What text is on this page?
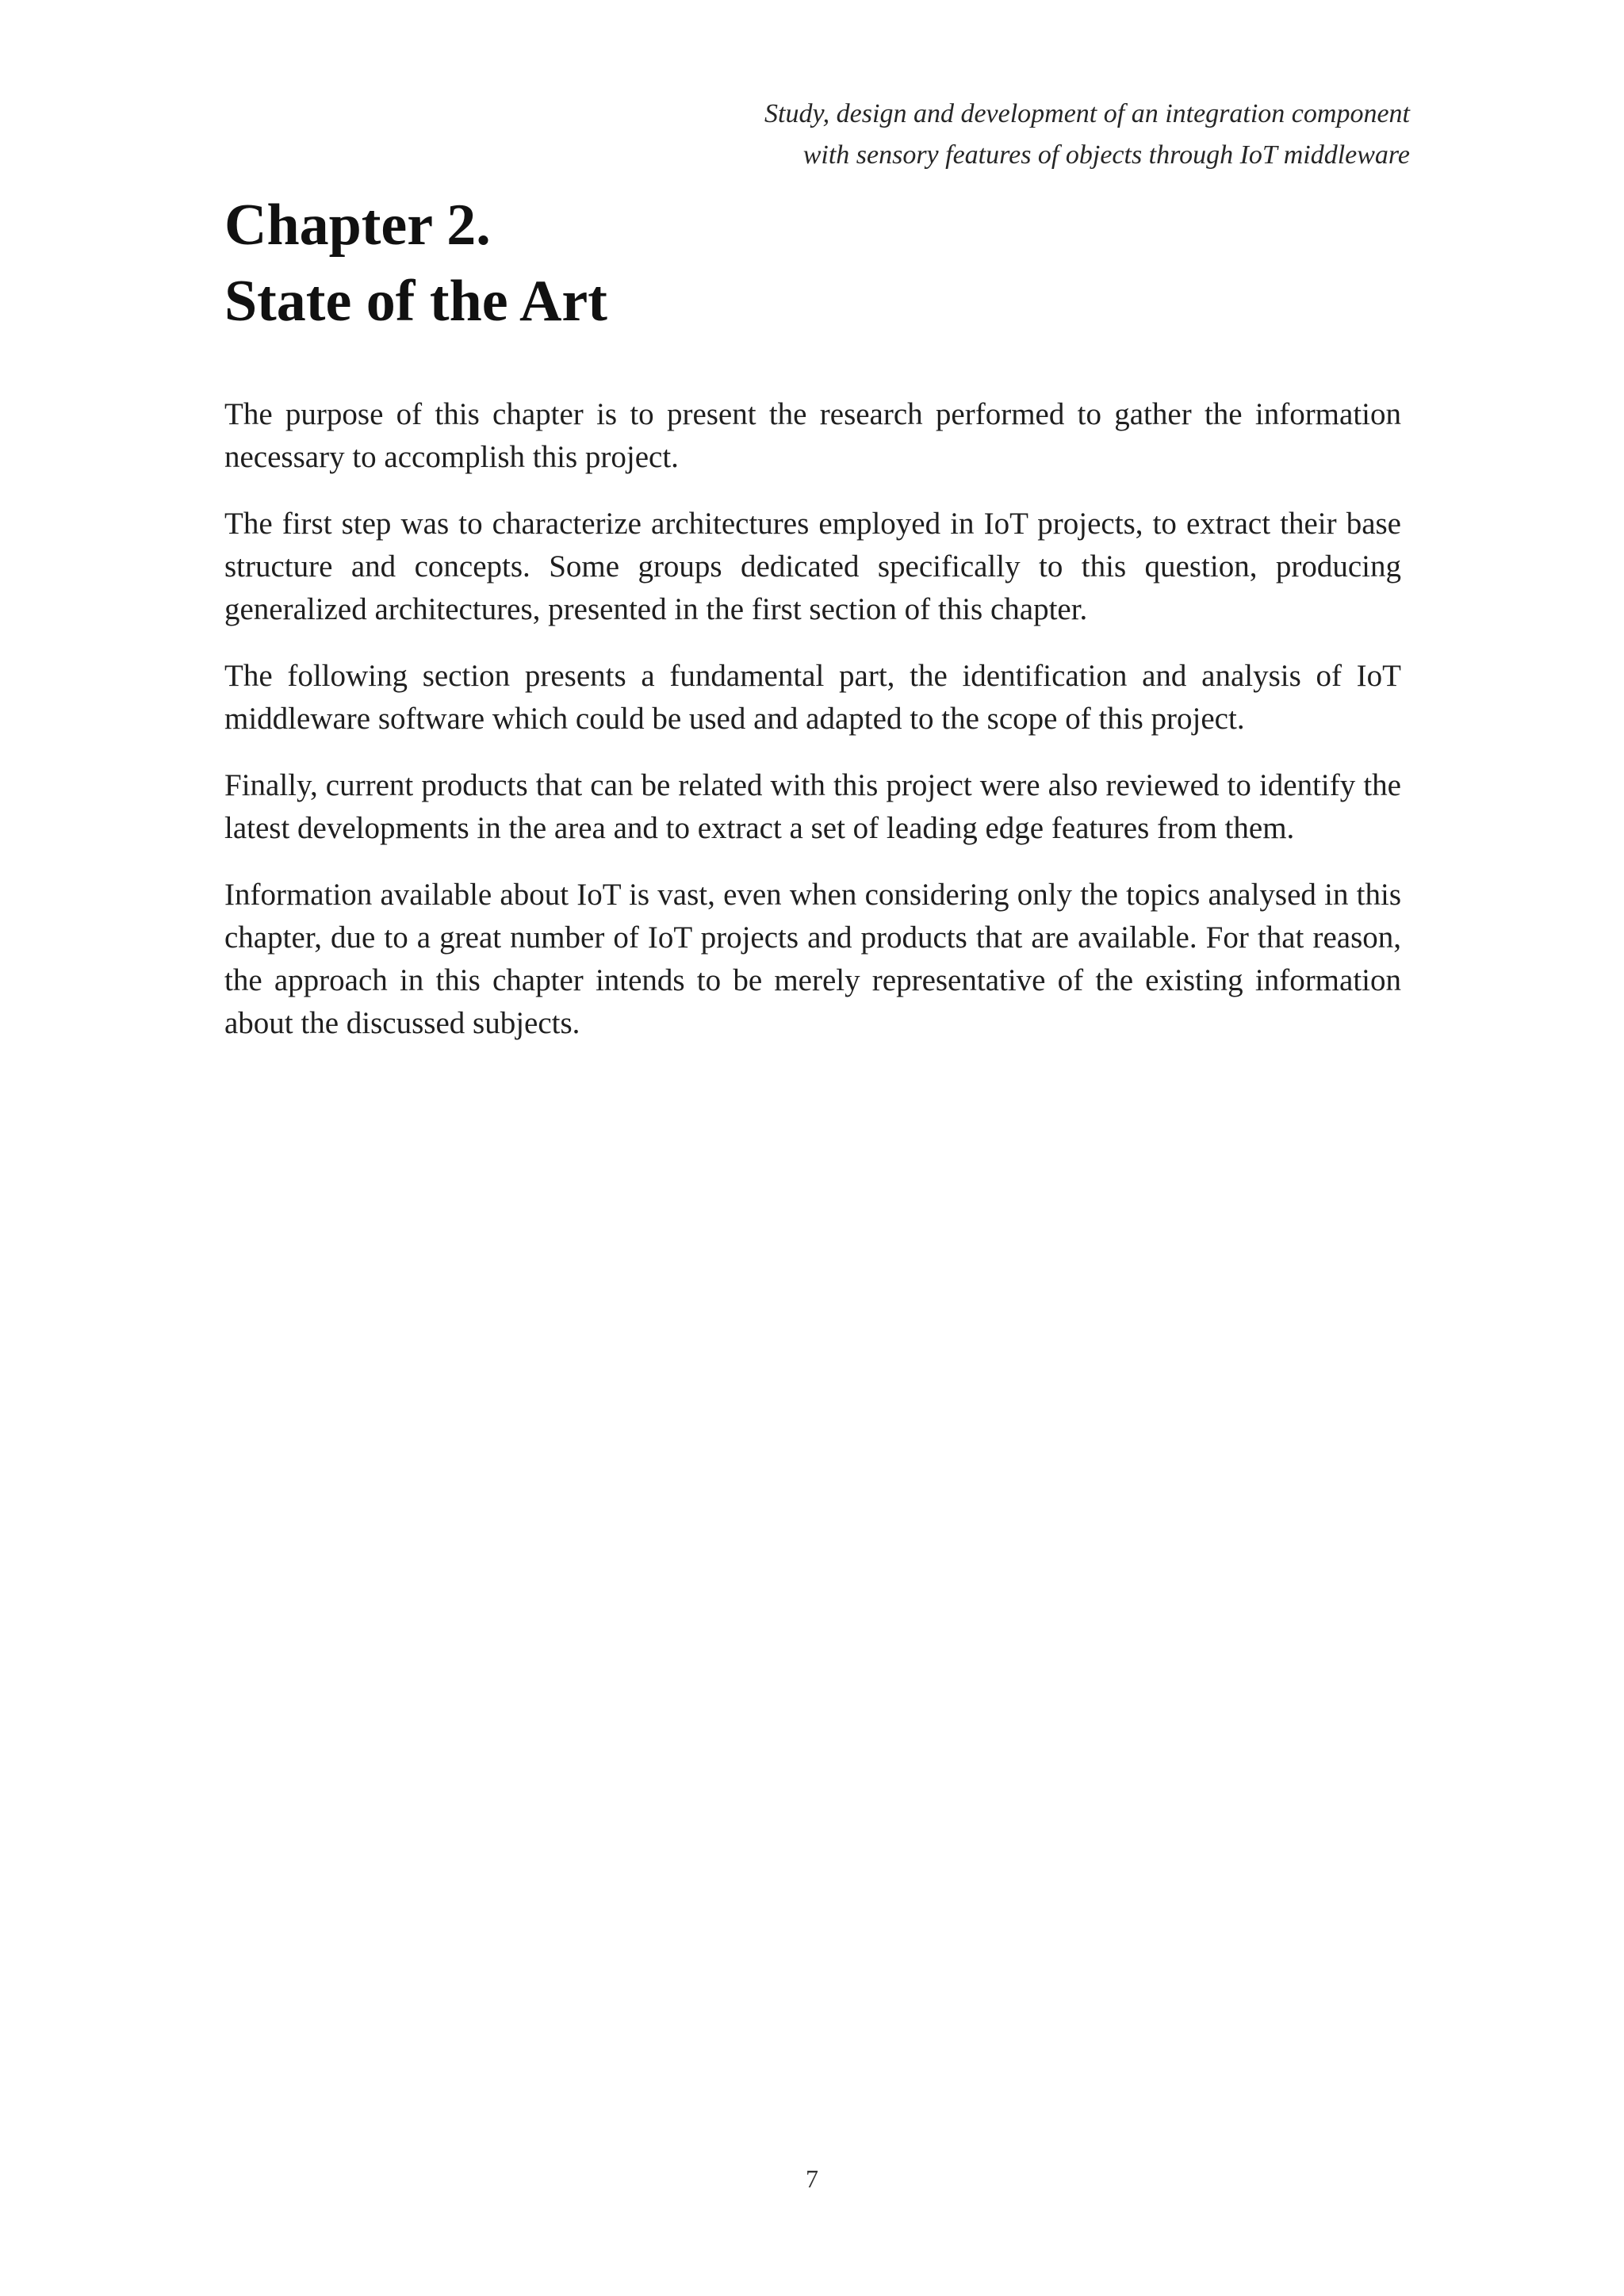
Study, design and development of an integration component
with sensory features of objects through IoT middleware
Chapter 2.
State of the Art

The purpose of this chapter is to present the research performed to gather the information necessary to accomplish this project.

The first step was to characterize architectures employed in IoT projects, to extract their base structure and concepts. Some groups dedicated specifically to this question, producing generalized architectures, presented in the first section of this chapter.

The following section presents a fundamental part, the identification and analysis of IoT middleware software which could be used and adapted to the scope of this project.

Finally, current products that can be related with this project were also reviewed to identify the latest developments in the area and to extract a set of leading edge features from them.

Information available about IoT is vast, even when considering only the topics analysed in this chapter, due to a great number of IoT projects and products that are available. For that reason, the approach in this chapter intends to be merely representative of the existing information about the discussed subjects.

7
